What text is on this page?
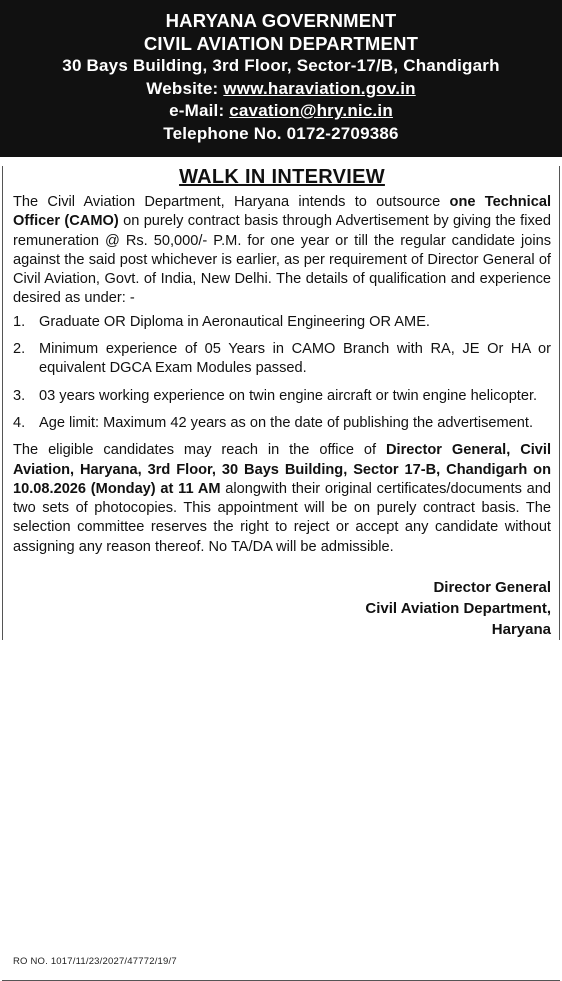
HARYANA GOVERNMENT
CIVIL AVIATION DEPARTMENT
30 Bays Building, 3rd Floor, Sector-17/B, Chandigarh
Website: www.haraviation.gov.in
e-Mail: cavation@hry.nic.in
Telephone No. 0172-2709386
WALK IN INTERVIEW

The Civil Aviation Department, Haryana intends to outsource one Technical Officer (CAMO) on purely contract basis through Advertisement by giving the fixed remuneration @ Rs. 50,000/- P.M. for one year or till the regular candidate joins against the said post whichever is earlier, as per requirement of Director General of Civil Aviation, Govt. of India, New Delhi. The details of qualification and experience desired as under: -

1. Graduate OR Diploma in Aeronautical Engineering OR AME.
2. Minimum experience of 05 Years in CAMO Branch with RA, JE Or HA or equivalent DGCA Exam Modules passed.
3. 03 years working experience on twin engine aircraft or twin engine helicopter.
4. Age limit: Maximum 42 years as on the date of publishing the advertisement.

The eligible candidates may reach in the office of Director General, Civil Aviation, Haryana, 3rd Floor, 30 Bays Building, Sector 17-B, Chandigarh on 10.08.2026 (Monday) at 11 AM alongwith their original certificates/documents and two sets of photocopies. This appointment will be on purely contract basis. The selection committee reserves the right to reject or accept any candidate without assigning any reason thereof. No TA/DA will be admissible.

Director General
Civil Aviation Department,
Haryana
RO NO. 1017/11/23/2027/47772/19/7
